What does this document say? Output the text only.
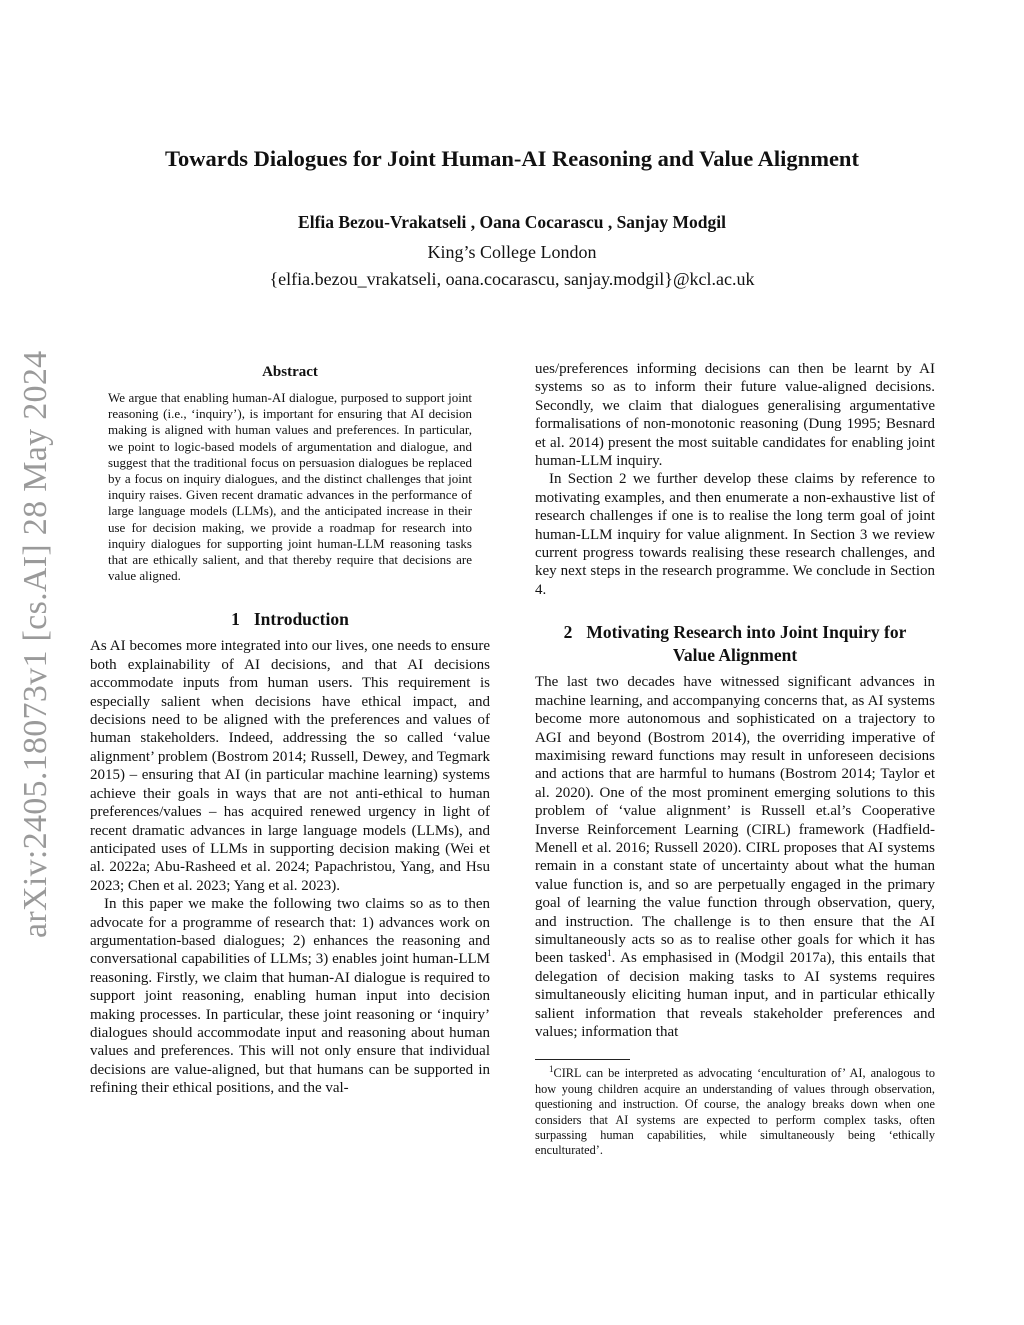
arXiv:2405.18073v1 [cs.AI] 28 May 2024
Towards Dialogues for Joint Human-AI Reasoning and Value Alignment
Elfia Bezou-Vrakatseli , Oana Cocarascu , Sanjay Modgil
King’s College London
{elfia.bezou_vrakatseli, oana.cocarascu, sanjay.modgil}@kcl.ac.uk
Abstract

We argue that enabling human-AI dialogue, purposed to support joint reasoning (i.e., ‘inquiry’), is important for ensuring that AI decision making is aligned with human values and preferences. In particular, we point to logic-based models of argumentation and dialogue, and suggest that the traditional focus on persuasion dialogues be replaced by a focus on inquiry dialogues, and the distinct challenges that joint inquiry raises. Given recent dramatic advances in the performance of large language models (LLMs), and the anticipated increase in their use for decision making, we provide a roadmap for research into inquiry dialogues for supporting joint human-LLM reasoning tasks that are ethically salient, and that thereby require that decisions are value aligned.

1 Introduction

As AI becomes more integrated into our lives, one needs to ensure both explainability of AI decisions, and that AI decisions accommodate inputs from human users. This requirement is especially salient when decisions have ethical impact, and decisions need to be aligned with the preferences and values of human stakeholders. Indeed, addressing the so called ‘value alignment’ problem (Bostrom 2014; Russell, Dewey, and Tegmark 2015) – ensuring that AI (in particular machine learning) systems achieve their goals in ways that are not anti-ethical to human preferences/values – has acquired renewed urgency in light of recent dramatic advances in large language models (LLMs), and anticipated uses of LLMs in supporting decision making (Wei et al. 2022a; Abu-Rasheed et al. 2024; Papachristou, Yang, and Hsu 2023; Chen et al. 2023; Yang et al. 2023).

In this paper we make the following two claims so as to then advocate for a programme of research that: 1) advances work on argumentation-based dialogues; 2) enhances the reasoning and conversational capabilities of LLMs; 3) enables joint human-LLM reasoning. Firstly, we claim that human-AI dialogue is required to support joint reasoning, enabling human input into decision making processes. In particular, these joint reasoning or ‘inquiry’ dialogues should accommodate input and reasoning about human values and preferences. This will not only ensure that individual decisions are value-aligned, but that humans can be supported in refining their ethical positions, and the val-

ues/preferences informing decisions can then be learnt by AI systems so as to inform their future value-aligned decisions. Secondly, we claim that dialogues generalising argumentative formalisations of non-monotonic reasoning (Dung 1995; Besnard et al. 2014) present the most suitable candidates for enabling joint human-LLM inquiry.

In Section 2 we further develop these claims by reference to motivating examples, and then enumerate a non-exhaustive list of research challenges if one is to realise the long term goal of joint human-LLM inquiry for value alignment. In Section 3 we review current progress towards realising these research challenges, and key next steps in the research programme. We conclude in Section 4.

2 Motivating Research into Joint Inquiry for
Value Alignment

The last two decades have witnessed significant advances in machine learning, and accompanying concerns that, as AI systems become more autonomous and sophisticated on a trajectory to AGI and beyond (Bostrom 2014), the overriding imperative of maximising reward functions may result in unforeseen decisions and actions that are harmful to humans (Bostrom 2014; Taylor et al. 2020). One of the most prominent emerging solutions to this problem of ‘value alignment’ is Russell et.al’s Cooperative Inverse Reinforcement Learning (CIRL) framework (Hadfield-Menell et al. 2016; Russell 2020). CIRL proposes that AI systems remain in a constant state of uncertainty about what the human value function is, and so are perpetually engaged in the primary goal of learning the value function through observation, query, and instruction. The challenge is to then ensure that the AI simultaneously acts so as to realise other goals for which it has been tasked$^1$. As emphasised in (Modgil 2017a), this entails that delegation of decision making tasks to AI systems requires simultaneously eliciting human input, and in particular ethically salient information that reveals stakeholder preferences and values; information that

$^1$CIRL can be interpreted as advocating ‘enculturation of’ AI, analogous to how young children acquire an understanding of values through observation, questioning and instruction. Of course, the analogy breaks down when one considers that AI systems are expected to perform complex tasks, often surpassing human capabilities, while simultaneously being ‘ethically enculturated’.
